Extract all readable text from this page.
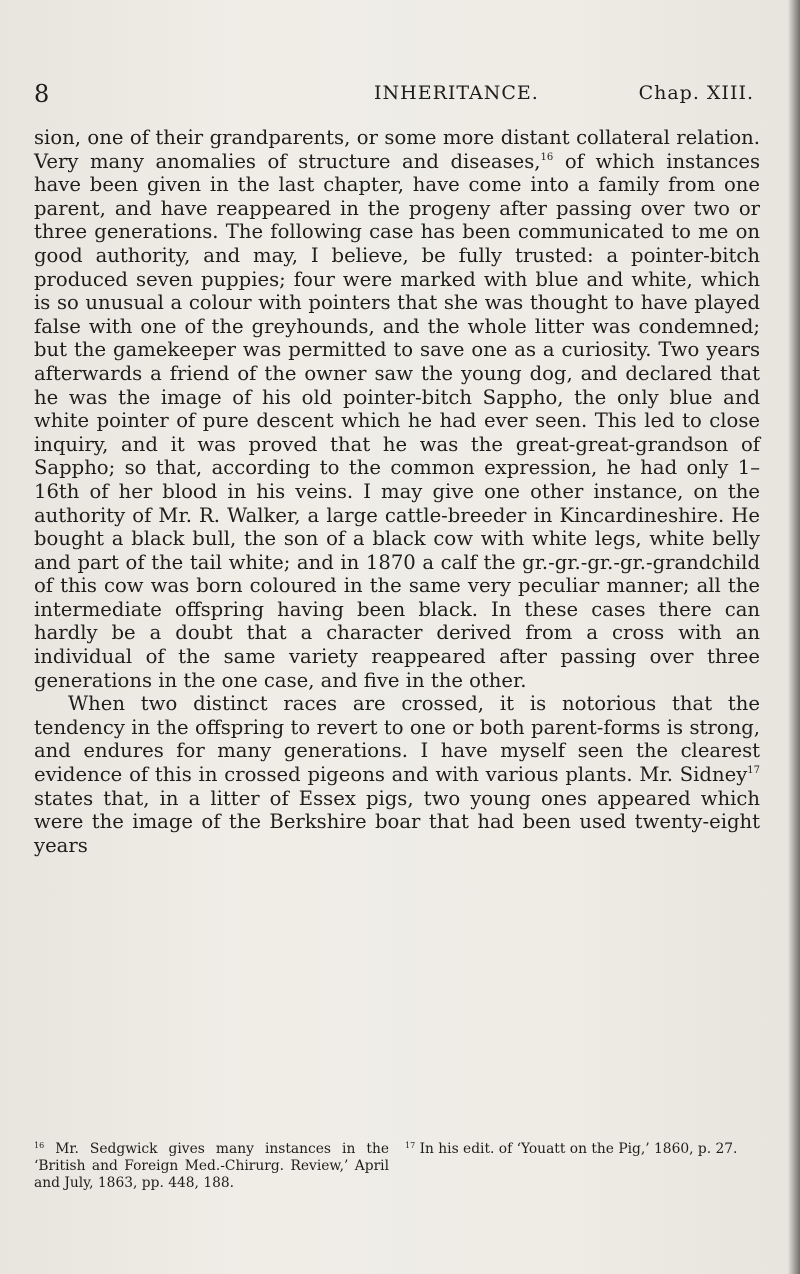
8	INHERITANCE.	Chap. XIII.

sion, one of their grandparents, or some more distant collateral relation. Very many anomalies of structure and diseases,$^{16}$ of which instances have been given in the last chapter, have come into a family from one parent, and have reappeared in the progeny after passing over two or three generations. The following case has been communicated to me on good authority, and may, I believe, be fully trusted: a pointer-bitch produced seven puppies; four were marked with blue and white, which is so unusual a colour with pointers that she was thought to have played false with one of the greyhounds, and the whole litter was condemned; but the gamekeeper was permitted to save one as a curiosity. Two years afterwards a friend of the owner saw the young dog, and declared that he was the image of his old pointer-bitch Sappho, the only blue and white pointer of pure descent which he had ever seen. This led to close inquiry, and it was proved that he was the great-great-grandson of Sappho; so that, according to the common expression, he had only 1–16th of her blood in his veins. I may give one other instance, on the authority of Mr. R. Walker, a large cattle-breeder in Kincardineshire. He bought a black bull, the son of a black cow with white legs, white belly and part of the tail white; and in 1870 a calf the gr.-gr.-gr.-gr.-grandchild of this cow was born coloured in the same very peculiar manner; all the intermediate offspring having been black. In these cases there can hardly be a doubt that a character derived from a cross with an individual of the same variety reappeared after passing over three generations in the one case, and five in the other.

When two distinct races are crossed, it is notorious that the tendency in the offspring to revert to one or both parent-forms is strong, and endures for many generations. I have myself seen the clearest evidence of this in crossed pigeons and with various plants. Mr. Sidney$^{17}$ states that, in a litter of Essex pigs, two young ones appeared which were the image of the Berkshire boar that had been used twenty-eight years

$^{16}$ Mr. Sedgwick gives many instances in the ‘British and Foreign Med.-Chirurg. Review,’ April and July, 1863, pp. 448, 188.

$^{17}$ In his edit. of ‘Youatt on the Pig,’ 1860, p. 27.
